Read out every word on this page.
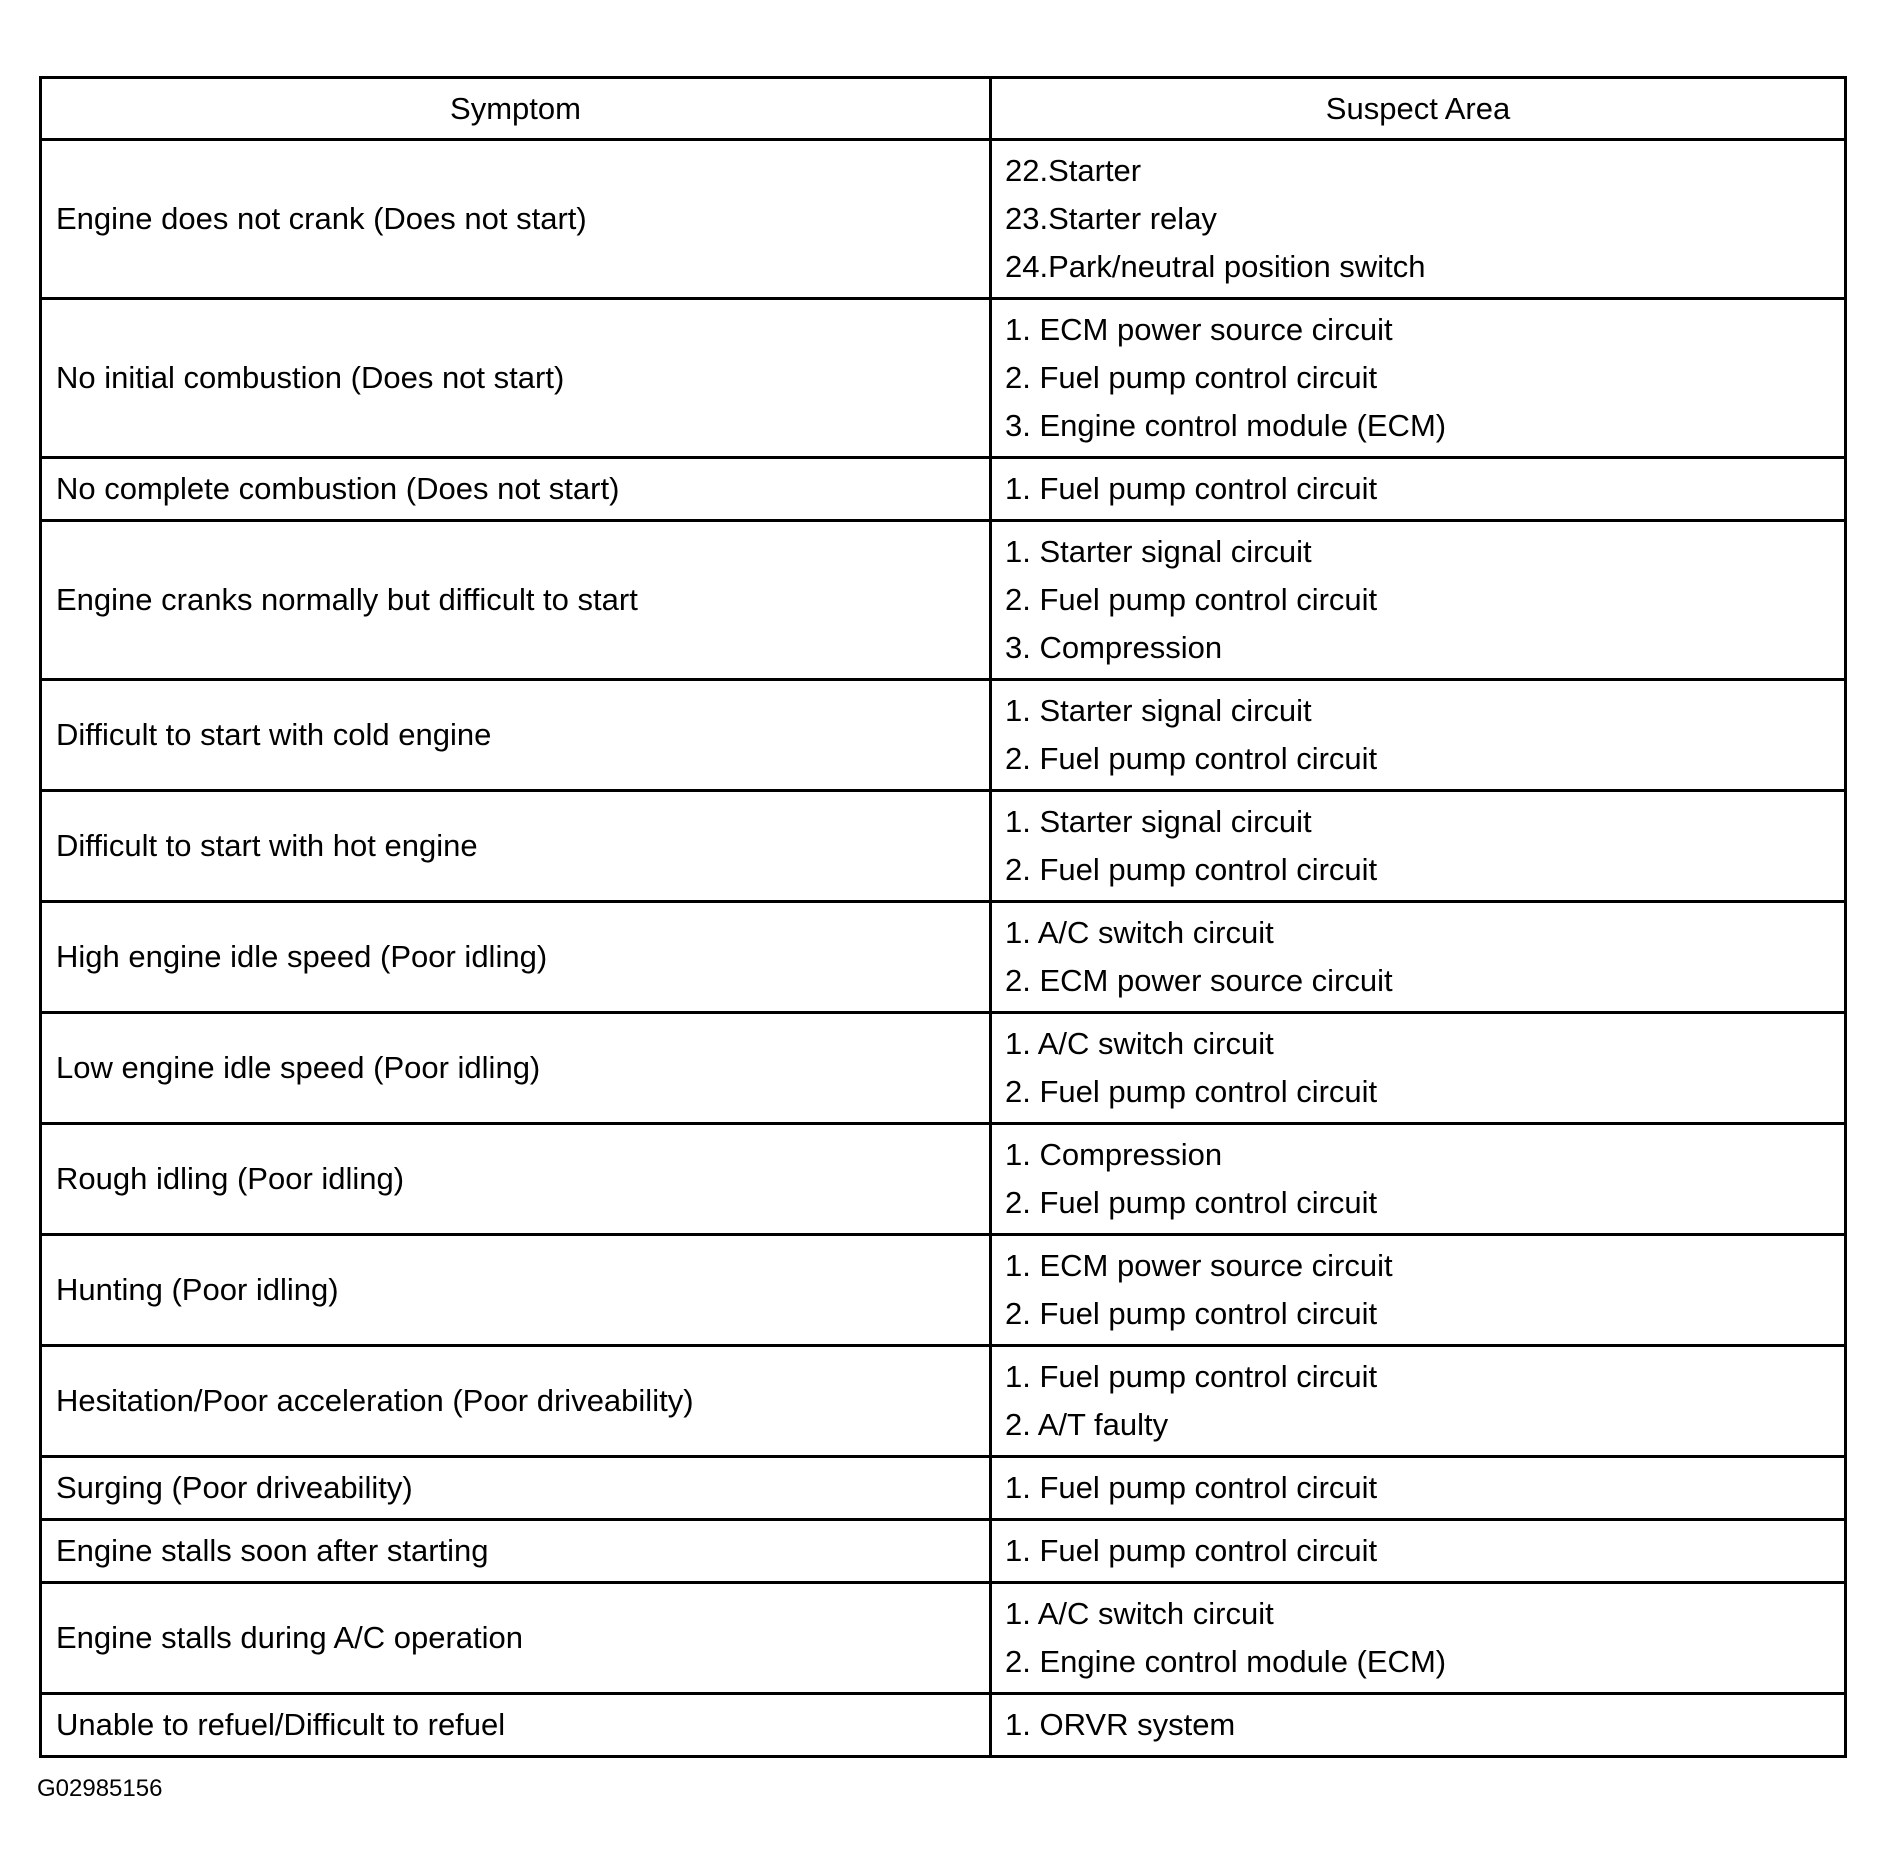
Symptom	Suspect Area
Engine does not crank (Does not start)	22.Starter
23.Starter relay
24.Park/neutral position switch

No initial combustion (Does not start)	1. ECM power source circuit
2. Fuel pump control circuit
3. Engine control module (ECM)

No complete combustion (Does not start)	1. Fuel pump control circuit

Engine cranks normally but difficult to start	1. Starter signal circuit
2. Fuel pump control circuit
3. Compression

Difficult to start with cold engine	1. Starter signal circuit
2. Fuel pump control circuit

Difficult to start with hot engine	1. Starter signal circuit
2. Fuel pump control circuit

High engine idle speed (Poor idling)	1. A/C switch circuit
2. ECM power source circuit

Low engine idle speed (Poor idling)	1. A/C switch circuit
2. Fuel pump control circuit

Rough idling (Poor idling)	1. Compression
2. Fuel pump control circuit

Hunting (Poor idling)	1. ECM power source circuit
2. Fuel pump control circuit

Hesitation/Poor acceleration (Poor driveability)	1. Fuel pump control circuit
2. A/T faulty

Surging (Poor driveability)	1. Fuel pump control circuit

Engine stalls soon after starting	1. Fuel pump control circuit

Engine stalls during A/C operation	1. A/C switch circuit
2. Engine control module (ECM)

Unable to refuel/Difficult to refuel	1. ORVR system
G02985156
